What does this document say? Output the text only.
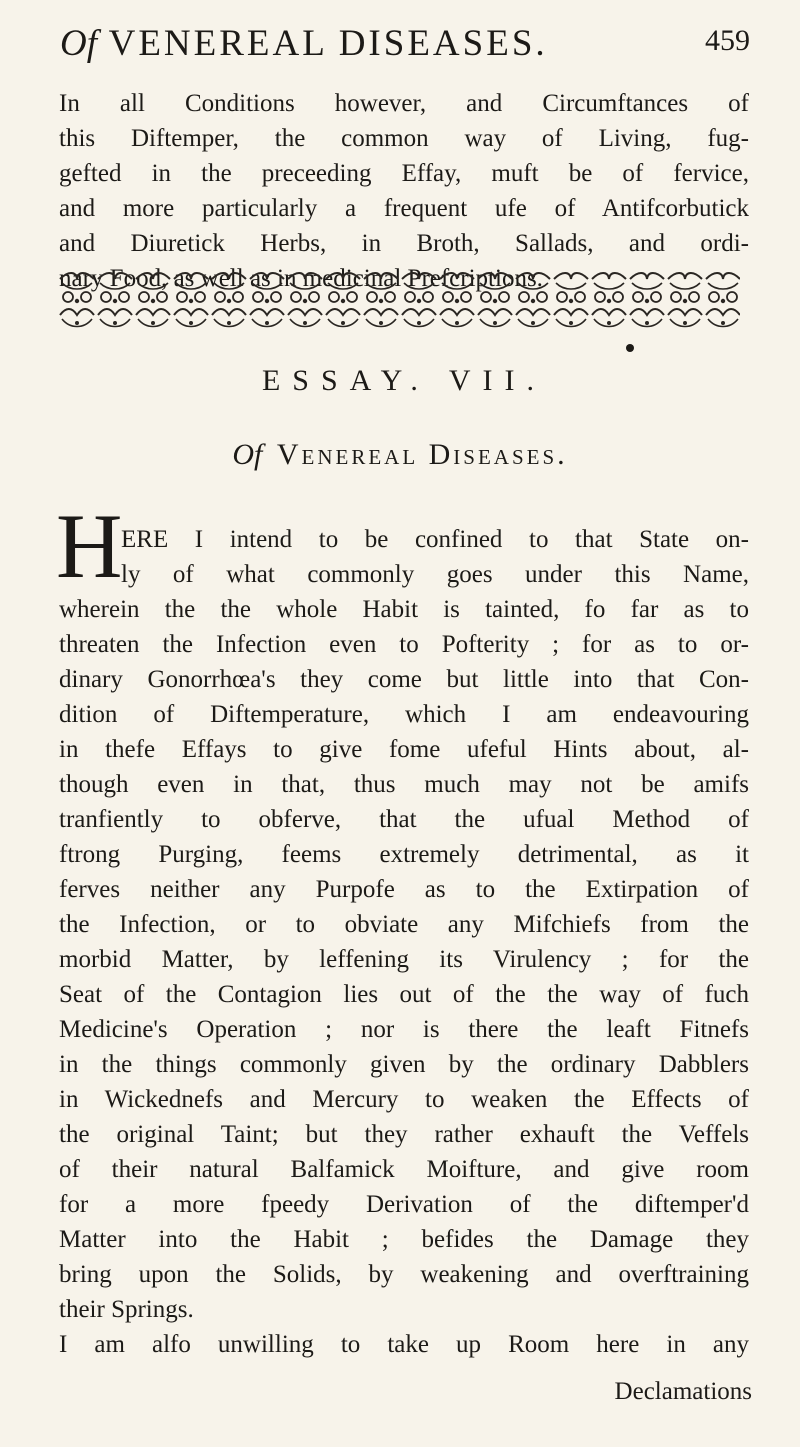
Of VENEREAL DISEASES.	459
In all Conditions however, and Circumftances of
this Diftemper, the common way of Living, fug-
gefted in the preceeding Effay, muft be of fervice,
and more particularly a frequent ufe of Antifcorbutick
and Diuretick Herbs, in Broth, Sallads, and ordi-
ESSAY. VII.
Of Venereal Diseases.
H
ERE I intend to be confined to that State on-
ly of what commonly goes under this Name,
wherein the the whole Habit is tainted, fo far as to
threaten the Infection even to Pofterity ; for as to or-
dinary Gonorrhœa's they come but little into that Con-
dition of Diftemperature, which I am endeavouring
in thefe Effays to give fome ufeful Hints about, al-
though even in that, thus much may not be amifs
tranfiently to obferve, that the ufual Method of
ftrong Purging, feems extremely detrimental, as it
ferves neither any Purpofe as to the Extirpation of
the Infection, or to obviate any Mifchiefs from the
morbid Matter, by leffening its Virulency ; for the
Seat of the Contagion lies out of the the way of fuch
Medicine's Operation ; nor is there the leaft Fitnefs
in the things commonly given by the ordinary Dabblers
in Wickednefs and Mercury to weaken the Effects of
the original Taint; but they rather exhauft the Veffels
of their natural Balfamick Moifture, and give room
for a more fpeedy Derivation of the diftemper'd
Matter into the Habit ; befides the Damage they
bring upon the Solids, by weakening and overftraining
their Springs.
I am alfo unwilling to take up Room here in any
Declamations
